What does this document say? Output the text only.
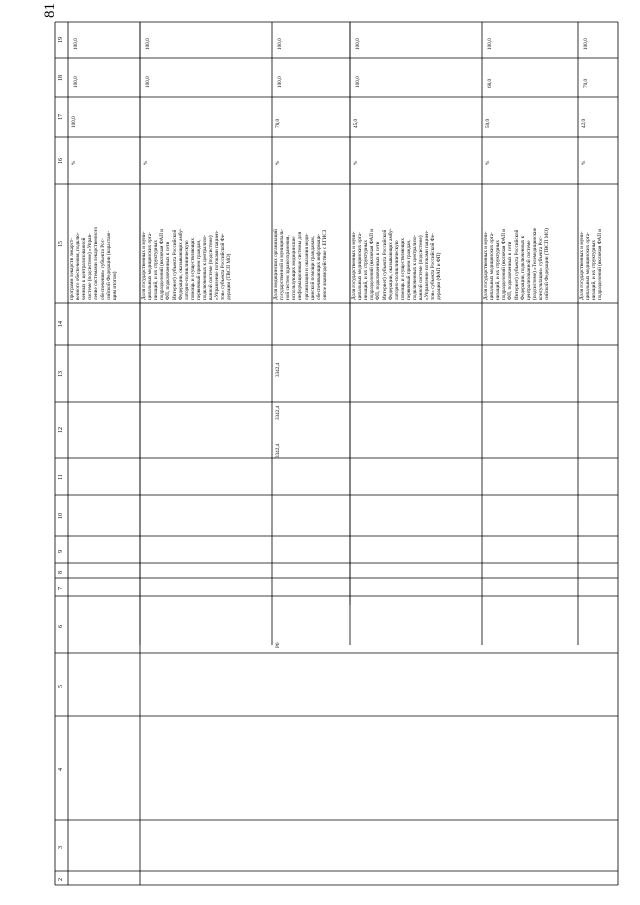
81
2
3
4
5
6
7
8
9
10
11
12
13
14
15
16
17
18
19
программ лекарств лекарст- венного обеспечения, подклю- ченных к централизованной системе (подсистеме) «Управ- ление системами лекарственного обеспечения» субъекта Рос- сийской Федерации (нарастаю- щим итогом)
%
100,0
100,0
100,0
Доля государственных и муни- ципальных медицинских орга- низаций, и их структурных подразделений (включая ФАП и ФП, подключенных к сети Интернет) субъекта Российской Федерации, оказывающих амбу- латорно-поликлиническую помощь и осуществляющих первичный прием граждан, подключенных к централизо- ванной системе (подсистеме) «Управление потоками пациен- тов» субъекта Российской Фе- дерации (ТВСП МО)
%
100,0
100,0
Доля медицинских организаций государственной и муниципаль- ной систем здравоохранения, использующих медицинские информационные системы для организации и оказания меди- цинской помощи гражданам, обеспечивающих информаци- онное взаимодействие с ЕГИСЗ
%
78,0
100,0
100,0
3342,4
3342,4
3342,4
P6
Доля государственных и муни- ципальных медицинских орга- низаций, и их структурных подразделений (включая ФАП и ФП, подключенных к сети Интернет) субъекта Российской Федерации, оказывающих амбу- латорно-поликлиническую помощь и осуществляющих первичный прием граждан, подключенных к централизо- ванной системе (подсистеме) «Управление потоками пациен- тов» субъекта Российской Фе- дерации (ФАП и ФП)
%
45,0
100,0
100,0
Доля государственных и муни- ципальных медицинских орга- низаций, и их структурных подразделений (включая ФАП и ФП, подключенных к сети Интернет) субъекта Российской Федерации, подключенных к централизованной системе (подсистеме) «Телемедицинские консультации» субъекта Рос- сийской Федерации (ТВСП МО)
%
50,0
68,0
100,0
Доля государственных и муни- ципальных медицинских орга- низаций, и их структурных подразделений (включая ФАП и
%
42,0
70,0
100,0
